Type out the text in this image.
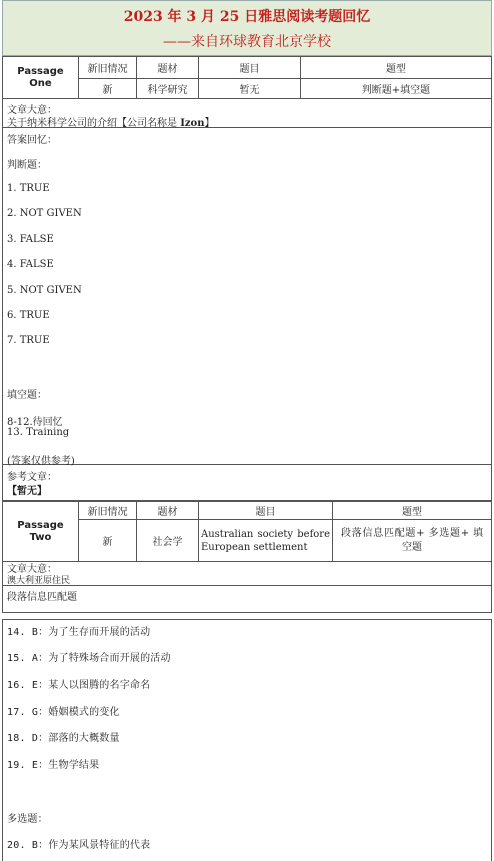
2023 年 3 月 25 日雅思阅读考题回忆
——来自环球教育北京学校
Passage
One	新旧情况	题材	题目	题型
	新	科学研究	暂无	判断题+填空题
文章大意：
关于纳米科学公司的介绍【公司名称是 Izon】
答案回忆：
判断题：
1. TRUE
2. NOT GIVEN
3. FALSE
4. FALSE
5. NOT GIVEN
6. TRUE
7. TRUE
填空题：
8-12.待回忆
13. Training
(答案仅供参考)
参考文章：
【暂无】
Passage
Two	新旧情况	题材	题目	题型
	新	社会学	Australian society before European settlement	段落信息匹配题+ 多选题+ 填空题
文章大意：
澳大利亚原住民
段落信息匹配题
14. B：为了生存而开展的活动
15. A：为了特殊场合而开展的活动
16. E：某人以图腾的名字命名
17. G：婚姻模式的变化
18. D：部落的大概数量
19. E：生物学结果
多选题：
20. B：作为某风景特征的代表
